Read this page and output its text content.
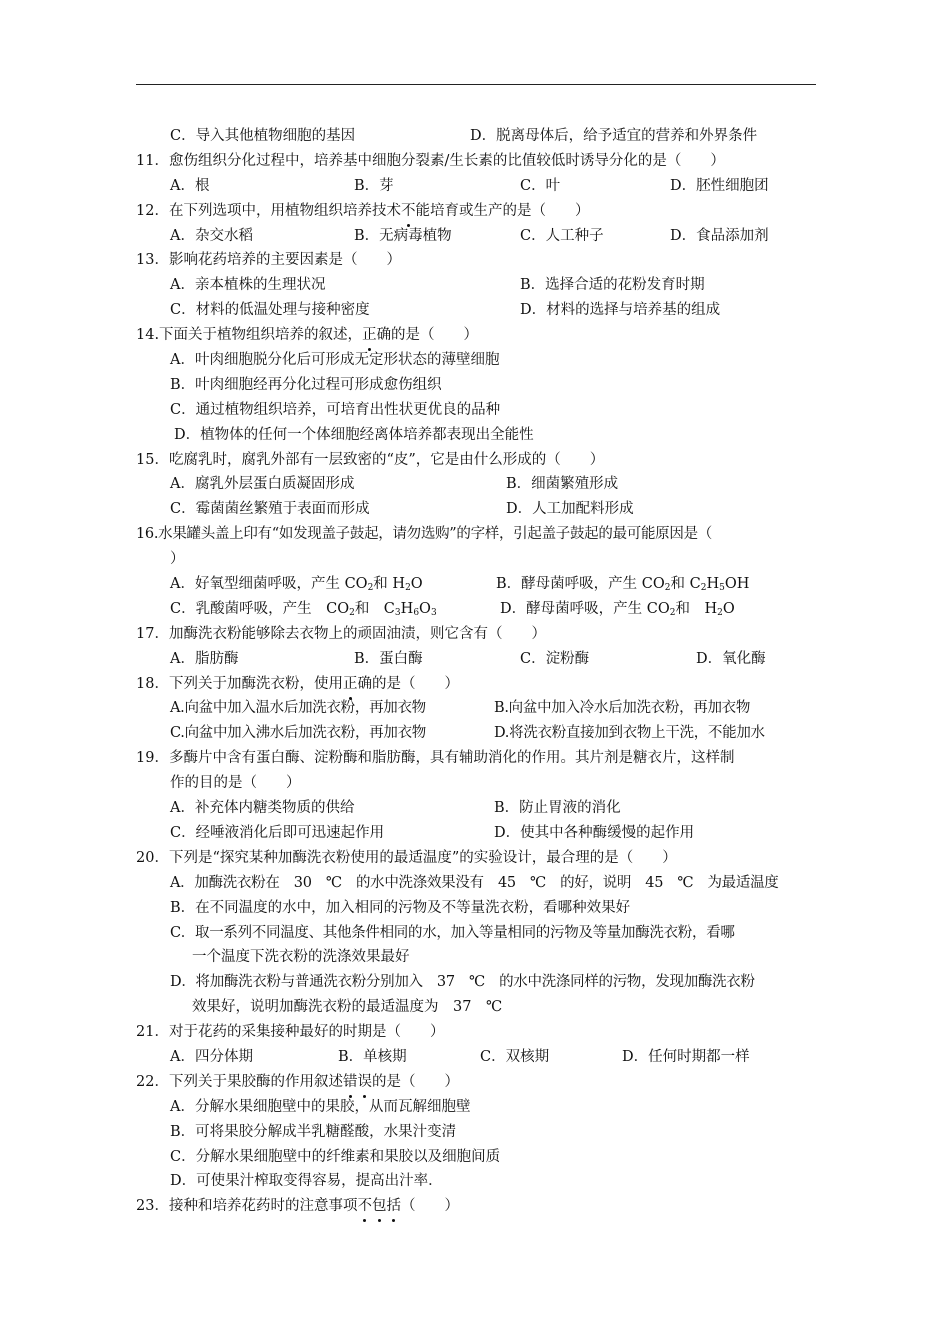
C．导入其他植物细胞的基因	D．脱离母体后，给予适宜的营养和外界条件
11．愈伤组织分化过程中，培养基中细胞分裂素/生长素的比值较低时诱导分化的是（　　）
A．根	B．芽	C．叶	D．胚性细胞团
12．在下列选项中，用植物组织培养技术不能培育或生产的是（　　）
A．杂交水稻	B．无病毒植物	C．人工种子	D．食品添加剂
13．影响花药培养的主要因素是（　　）
A．亲本植株的生理状况	B．选择合适的花粉发育时期
C．材料的低温处理与接种密度	D．材料的选择与培养基的组成
14.下面关于植物组织培养的叙述，正确的是（　　）
A．叶肉细胞脱分化后可形成无定形状态的薄壁细胞
B．叶肉细胞经再分化过程可形成愈伤组织
C．通过植物组织培养，可培育出性状更优良的品种
D．植物体的任何一个体细胞经离体培养都表现出全能性
15．吃腐乳时，腐乳外部有一层致密的“皮”，它是由什么形成的（　　）
A．腐乳外层蛋白质凝固形成	B．细菌繁殖形成
C．霉菌菌丝繁殖于表面而形成	D．人工加配料形成
16.水果罐头盖上印有“如发现盖子鼓起，请勿选购”的字样，引起盖子鼓起的最可能原因是（
）
A．好氧型细菌呼吸，产生 $CO_2$和 $H_2O$	B．酵母菌呼吸，产生 $CO_2$和 $C_2H_5OH$
C．乳酸菌呼吸，产生　$CO_2$和　$C_3H_6O_3$	D．酵母菌呼吸，产生 $CO_2$和　$H_2O$
17．加酶洗衣粉能够除去衣物上的顽固油渍，则它含有（　　）
A．脂肪酶	B．蛋白酶	C．淀粉酶	D．氧化酶
18．下列关于加酶洗衣粉，使用正确的是（　　）
A.向盆中加入温水后加洗衣粉，再加衣物	B.向盆中加入冷水后加洗衣粉，再加衣物
C.向盆中加入沸水后加洗衣粉，再加衣物	D.将洗衣粉直接加到衣物上干洗，不能加水
19．多酶片中含有蛋白酶、淀粉酶和脂肪酶，具有辅助消化的作用。其片剂是糖衣片，这样制
作的目的是（　　）
A．补充体内糖类物质的供给	B．防止胃液的消化
C．经唾液消化后即可迅速起作用	D．使其中各种酶缓慢的起作用
20．下列是“探究某种加酶洗衣粉使用的最适温度”的实验设计，最合理的是（　　）
A．加酶洗衣粉在　30　℃　的水中洗涤效果没有　45　℃　的好，说明　45　℃　为最适温度
B．在不同温度的水中，加入相同的污物及不等量洗衣粉，看哪种效果好
C．取一系列不同温度、其他条件相同的水，加入等量相同的污物及等量加酶洗衣粉，看哪
一个温度下洗衣粉的洗涤效果最好
D．将加酶洗衣粉与普通洗衣粉分别加入　37　℃　的水中洗涤同样的污物，发现加酶洗衣粉
效果好，说明加酶洗衣粉的最适温度为　37　℃
21．对于花药的采集接种最好的时期是（　　）
A．四分体期	B．单核期	C．双核期	D．任何时期都一样
22．下列关于果胶酶的作用叙述错误的是（　　）
A．分解水果细胞壁中的果胶，从而瓦解细胞壁
B．可将果胶分解成半乳糖醛酸，水果汁变清
C．分解水果细胞壁中的纤维素和果胶以及细胞间质
D．可使果汁榨取变得容易，提高出汁率．
23．接种和培养花药时的注意事项不包括（　　）
